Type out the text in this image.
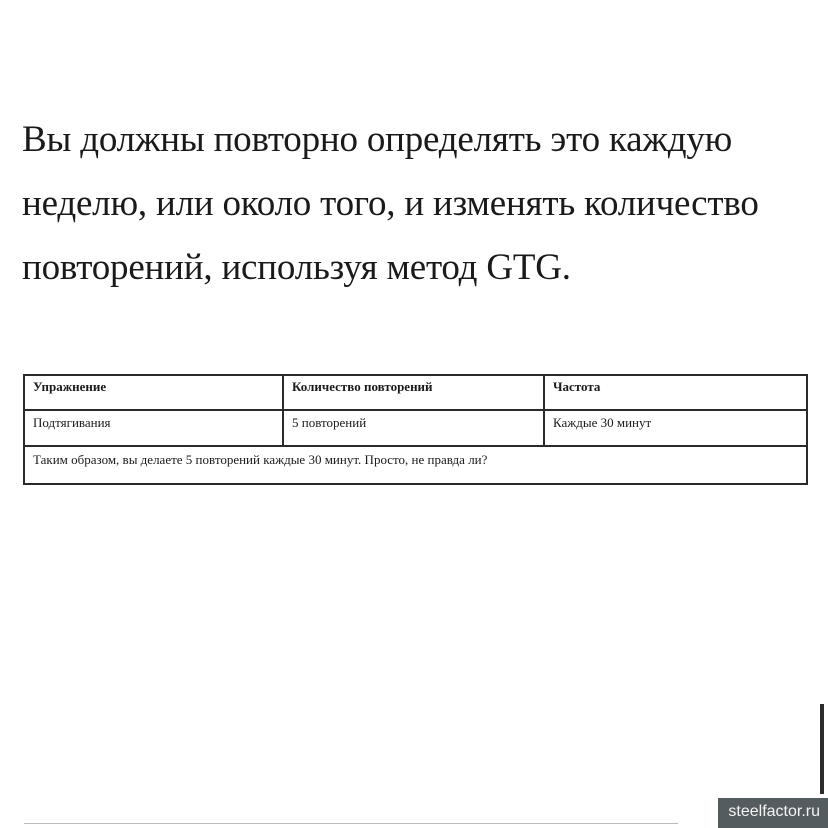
Вы должны повторно определять это каждую неделю, или около того, и изменять количество повторений, используя метод GTG.

Упражнение	Количество повторений	Частота
Подтягивания	5 повторений	Каждые 30 минут
Таким образом, вы делаете 5 повторений каждые 30 минут. Просто, не правда ли?		
steelfactor.ru
